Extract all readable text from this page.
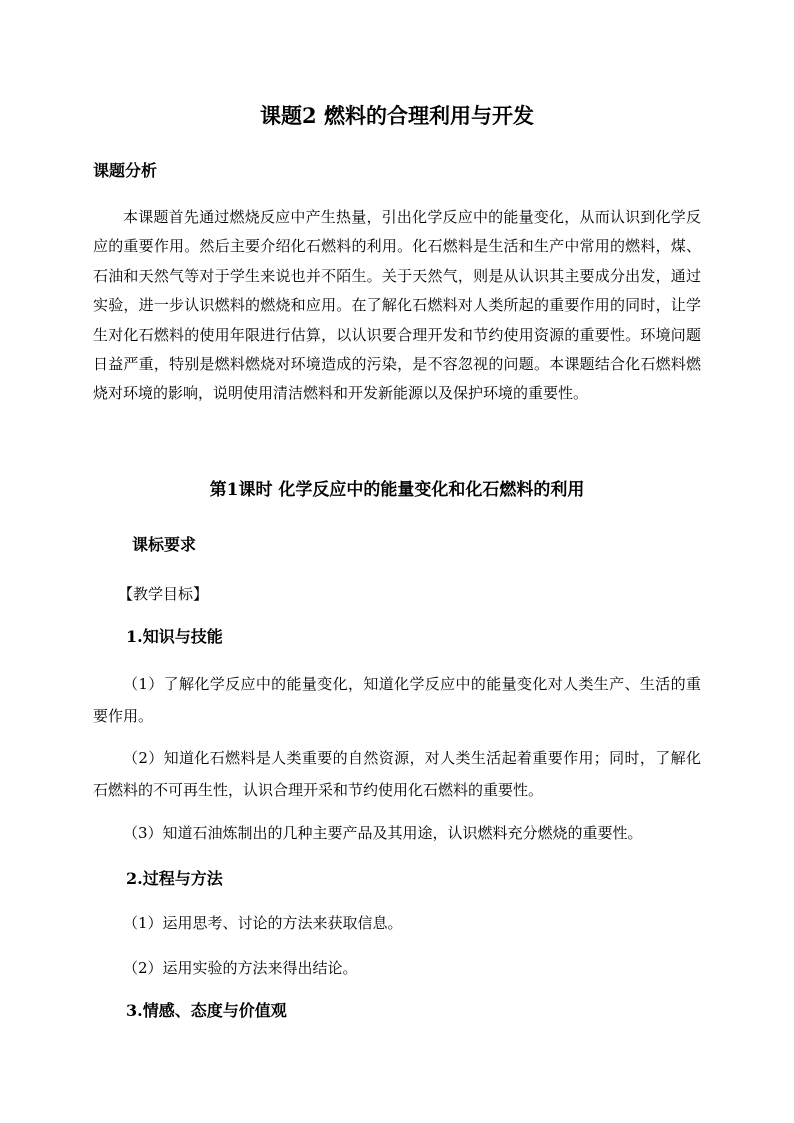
课题2 燃料的合理利用与开发
课题分析
本课题首先通过燃烧反应中产生热量，引出化学反应中的能量变化，从而认识到化学反应的重要作用。然后主要介绍化石燃料的利用。化石燃料是生活和生产中常用的燃料，煤、石油和天然气等对于学生来说也并不陌生。关于天然气，则是从认识其主要成分出发，通过实验，进一步认识燃料的燃烧和应用。在了解化石燃料对人类所起的重要作用的同时，让学生对化石燃料的使用年限进行估算，以认识要合理开发和节约使用资源的重要性。环境问题日益严重，特别是燃料燃烧对环境造成的污染，是不容忽视的问题。本课题结合化石燃料燃烧对环境的影响，说明使用清洁燃料和开发新能源以及保护环境的重要性。
第1课时 化学反应中的能量变化和化石燃料的利用
课标要求
【教学目标】
1.知识与技能
（1）了解化学反应中的能量变化，知道化学反应中的能量变化对人类生产、生活的重要作用。
（2）知道化石燃料是人类重要的自然资源，对人类生活起着重要作用；同时，了解化石燃料的不可再生性，认识合理开采和节约使用化石燃料的重要性。
（3）知道石油炼制出的几种主要产品及其用途，认识燃料充分燃烧的重要性。
2.过程与方法
（1）运用思考、讨论的方法来获取信息。
（2）运用实验的方法来得出结论。
3.情感、态度与价值观
